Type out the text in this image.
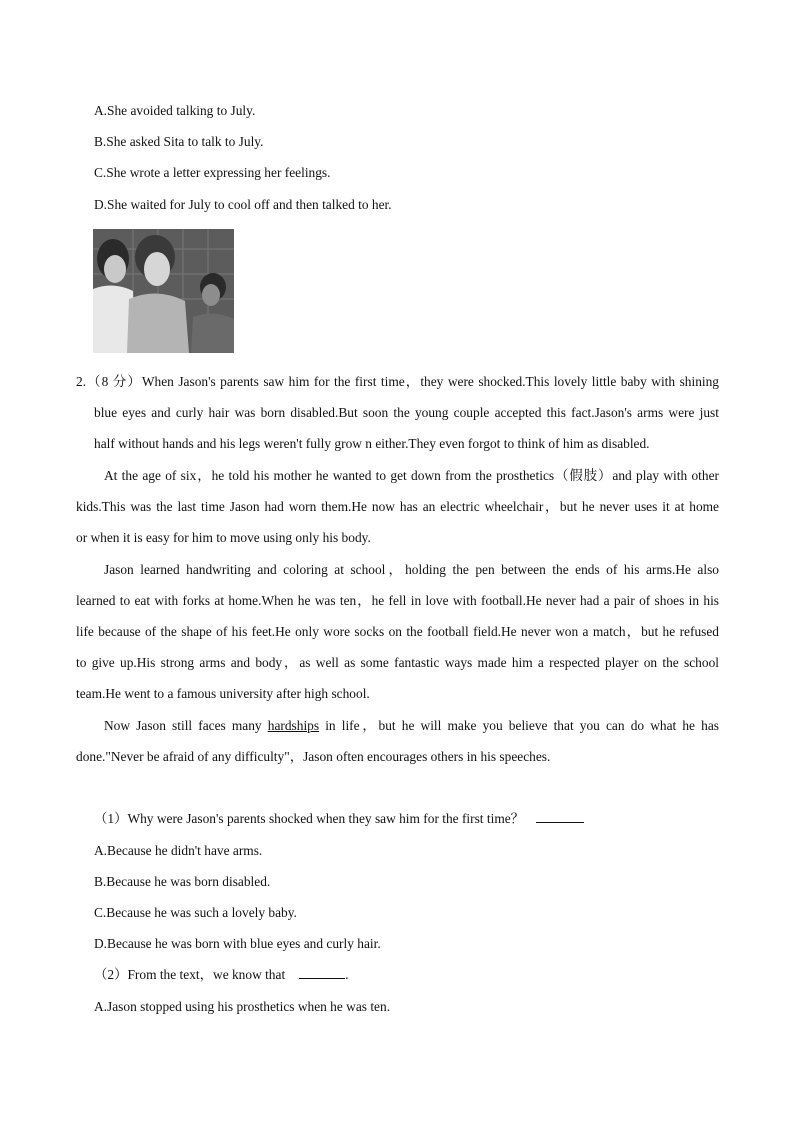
A.She avoided talking to July.
B.She asked Sita to talk to July.
C.She wrote a letter expressing her feelings.
D.She waited for July to cool off and then talked to her.
2.（8 分）When Jason's parents saw him for the first time，they were shocked.This lovely little baby with shining
blue eyes and curly hair was born disabled.But soon the young couple accepted this fact.Jason's arms were just
half without hands and his legs weren't fully grow n either.They even forgot to think of him as disabled.
At the age of six，he told his mother he wanted to get down from the prosthetics（假肢）and play with other
kids.This was the last time Jason had worn them.He now has an electric wheelchair，but he never uses it at home
or when it is easy for him to move using only his body.
Jason learned handwriting and coloring at school，holding the pen between the ends of his arms.He also
learned to eat with forks at home.When he was ten，he fell in love with football.He never had a pair of shoes in his
life because of the shape of his feet.He only wore socks on the football field.He never won a match，but he refused
to give up.His strong arms and body，as well as some fantastic ways made him a respected player on the school
team.He went to a famous university after high school.
Now Jason still faces many hardships in life，but he will make you believe that you can do what he has
done."Never be afraid of any difficulty"，Jason often encourages others in his speeches.
（1）Why were Jason's parents shocked when they saw him for the first time？
A.Because he didn't have arms.
B.Because he was born disabled.
C.Because he was such a lovely baby.
D.Because he was born with blue eyes and curly hair.
（2）From the text，we know that	.
A.Jason stopped using his prosthetics when he was ten.
